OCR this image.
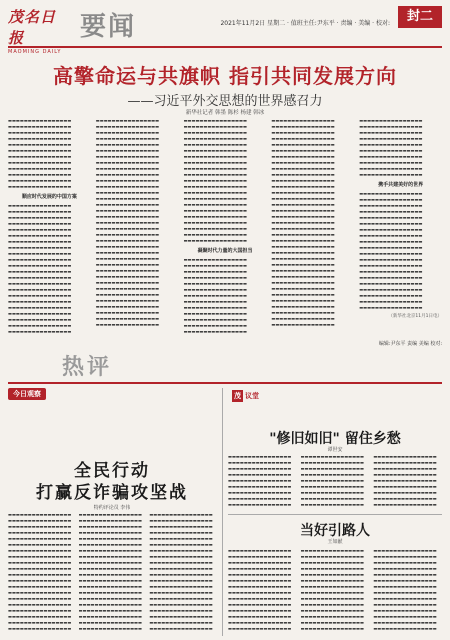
茂名日报
MAOMING DAILY
要闻	2021年11月2日 星期二 · 值班主任:尹东平 · 责编 · 美编 · 校对:	封二
高擎命运与共旗帜 指引共同发展方向
——习近平外交思想的世界感召力
新华社记者 韩墨 陈杉 杨建 韩冰
▬▬▬▬▬▬▬▬▬▬▬▬▬▬▬▬ ▬▬▬▬▬▬▬▬▬▬▬▬▬▬▬▬ ▬▬▬▬▬▬▬▬▬▬▬▬▬▬▬▬ ▬▬▬▬▬▬▬▬▬▬▬▬▬▬▬▬ ▬▬▬▬▬▬▬▬▬▬▬▬▬▬▬▬ ▬▬▬▬▬▬▬▬▬▬▬▬▬▬▬▬ ▬▬▬▬▬▬▬▬▬▬▬▬▬▬▬▬ ▬▬▬▬▬▬▬▬▬▬▬▬▬▬▬▬ ▬▬▬▬▬▬▬▬▬▬▬▬▬▬▬▬ ▬▬▬▬▬▬▬▬▬▬▬▬▬▬▬▬ ▬▬▬▬▬▬▬▬▬▬▬▬▬▬▬▬ ▬▬▬▬▬▬▬▬▬▬▬▬▬▬▬▬
顺应时代发展的中国方案
▬▬▬▬▬▬▬▬▬▬▬▬▬▬▬▬ ▬▬▬▬▬▬▬▬▬▬▬▬▬▬▬▬ ▬▬▬▬▬▬▬▬▬▬▬▬▬▬▬▬ ▬▬▬▬▬▬▬▬▬▬▬▬▬▬▬▬ ▬▬▬▬▬▬▬▬▬▬▬▬▬▬▬▬ ▬▬▬▬▬▬▬▬▬▬▬▬▬▬▬▬ ▬▬▬▬▬▬▬▬▬▬▬▬▬▬▬▬ ▬▬▬▬▬▬▬▬▬▬▬▬▬▬▬▬ ▬▬▬▬▬▬▬▬▬▬▬▬▬▬▬▬ ▬▬▬▬▬▬▬▬▬▬▬▬▬▬▬▬ ▬▬▬▬▬▬▬▬▬▬▬▬▬▬▬▬ ▬▬▬▬▬▬▬▬▬▬▬▬▬▬▬▬ ▬▬▬▬▬▬▬▬▬▬▬▬▬▬▬▬ ▬▬▬▬▬▬▬▬▬▬▬▬▬▬▬▬ ▬▬▬▬▬▬▬▬▬▬▬▬▬▬▬▬ ▬▬▬▬▬▬▬▬▬▬▬▬▬▬▬▬ ▬▬▬▬▬▬▬▬▬▬▬▬▬▬▬▬ ▬▬▬▬▬▬▬▬▬▬▬▬▬▬▬▬ ▬▬▬▬▬▬▬▬▬▬▬▬▬▬▬▬ ▬▬▬▬▬▬▬▬▬▬▬▬▬▬▬▬ ▬▬▬▬▬▬▬▬▬▬▬▬▬▬▬▬ ▬▬▬▬▬▬▬▬▬▬▬▬▬▬▬▬
▬▬▬▬▬▬▬▬▬▬▬▬▬▬▬▬ ▬▬▬▬▬▬▬▬▬▬▬▬▬▬▬▬ ▬▬▬▬▬▬▬▬▬▬▬▬▬▬▬▬ ▬▬▬▬▬▬▬▬▬▬▬▬▬▬▬▬ ▬▬▬▬▬▬▬▬▬▬▬▬▬▬▬▬ ▬▬▬▬▬▬▬▬▬▬▬▬▬▬▬▬ ▬▬▬▬▬▬▬▬▬▬▬▬▬▬▬▬ ▬▬▬▬▬▬▬▬▬▬▬▬▬▬▬▬ ▬▬▬▬▬▬▬▬▬▬▬▬▬▬▬▬ ▬▬▬▬▬▬▬▬▬▬▬▬▬▬▬▬ ▬▬▬▬▬▬▬▬▬▬▬▬▬▬▬▬ ▬▬▬▬▬▬▬▬▬▬▬▬▬▬▬▬ ▬▬▬▬▬▬▬▬▬▬▬▬▬▬▬▬ ▬▬▬▬▬▬▬▬▬▬▬▬▬▬▬▬ ▬▬▬▬▬▬▬▬▬▬▬▬▬▬▬▬ ▬▬▬▬▬▬▬▬▬▬▬▬▬▬▬▬ ▬▬▬▬▬▬▬▬▬▬▬▬▬▬▬▬ ▬▬▬▬▬▬▬▬▬▬▬▬▬▬▬▬ ▬▬▬▬▬▬▬▬▬▬▬▬▬▬▬▬ ▬▬▬▬▬▬▬▬▬▬▬▬▬▬▬▬ ▬▬▬▬▬▬▬▬▬▬▬▬▬▬▬▬ ▬▬▬▬▬▬▬▬▬▬▬▬▬▬▬▬ ▬▬▬▬▬▬▬▬▬▬▬▬▬▬▬▬ ▬▬▬▬▬▬▬▬▬▬▬▬▬▬▬▬ ▬▬▬▬▬▬▬▬▬▬▬▬▬▬▬▬ ▬▬▬▬▬▬▬▬▬▬▬▬▬▬▬▬ ▬▬▬▬▬▬▬▬▬▬▬▬▬▬▬▬ ▬▬▬▬▬▬▬▬▬▬▬▬▬▬▬▬ ▬▬▬▬▬▬▬▬▬▬▬▬▬▬▬▬ ▬▬▬▬▬▬▬▬▬▬▬▬▬▬▬▬ ▬▬▬▬▬▬▬▬▬▬▬▬▬▬▬▬ ▬▬▬▬▬▬▬▬▬▬▬▬▬▬▬▬ ▬▬▬▬▬▬▬▬▬▬▬▬▬▬▬▬ ▬▬▬▬▬▬▬▬▬▬▬▬▬▬▬▬ ▬▬▬▬▬▬▬▬▬▬▬▬▬▬▬▬
▬▬▬▬▬▬▬▬▬▬▬▬▬▬▬▬ ▬▬▬▬▬▬▬▬▬▬▬▬▬▬▬▬ ▬▬▬▬▬▬▬▬▬▬▬▬▬▬▬▬ ▬▬▬▬▬▬▬▬▬▬▬▬▬▬▬▬ ▬▬▬▬▬▬▬▬▬▬▬▬▬▬▬▬ ▬▬▬▬▬▬▬▬▬▬▬▬▬▬▬▬ ▬▬▬▬▬▬▬▬▬▬▬▬▬▬▬▬ ▬▬▬▬▬▬▬▬▬▬▬▬▬▬▬▬ ▬▬▬▬▬▬▬▬▬▬▬▬▬▬▬▬ ▬▬▬▬▬▬▬▬▬▬▬▬▬▬▬▬ ▬▬▬▬▬▬▬▬▬▬▬▬▬▬▬▬ ▬▬▬▬▬▬▬▬▬▬▬▬▬▬▬▬ ▬▬▬▬▬▬▬▬▬▬▬▬▬▬▬▬ ▬▬▬▬▬▬▬▬▬▬▬▬▬▬▬▬ ▬▬▬▬▬▬▬▬▬▬▬▬▬▬▬▬ ▬▬▬▬▬▬▬▬▬▬▬▬▬▬▬▬ ▬▬▬▬▬▬▬▬▬▬▬▬▬▬▬▬ ▬▬▬▬▬▬▬▬▬▬▬▬▬▬▬▬ ▬▬▬▬▬▬▬▬▬▬▬▬▬▬▬▬ ▬▬▬▬▬▬▬▬▬▬▬▬▬▬▬▬ ▬▬▬▬▬▬▬▬▬▬▬▬▬▬▬▬
凝聚时代力量的大国担当
▬▬▬▬▬▬▬▬▬▬▬▬▬▬▬▬ ▬▬▬▬▬▬▬▬▬▬▬▬▬▬▬▬ ▬▬▬▬▬▬▬▬▬▬▬▬▬▬▬▬ ▬▬▬▬▬▬▬▬▬▬▬▬▬▬▬▬ ▬▬▬▬▬▬▬▬▬▬▬▬▬▬▬▬ ▬▬▬▬▬▬▬▬▬▬▬▬▬▬▬▬ ▬▬▬▬▬▬▬▬▬▬▬▬▬▬▬▬ ▬▬▬▬▬▬▬▬▬▬▬▬▬▬▬▬ ▬▬▬▬▬▬▬▬▬▬▬▬▬▬▬▬ ▬▬▬▬▬▬▬▬▬▬▬▬▬▬▬▬ ▬▬▬▬▬▬▬▬▬▬▬▬▬▬▬▬ ▬▬▬▬▬▬▬▬▬▬▬▬▬▬▬▬ ▬▬▬▬▬▬▬▬▬▬▬▬▬▬▬▬
▬▬▬▬▬▬▬▬▬▬▬▬▬▬▬▬ ▬▬▬▬▬▬▬▬▬▬▬▬▬▬▬▬ ▬▬▬▬▬▬▬▬▬▬▬▬▬▬▬▬ ▬▬▬▬▬▬▬▬▬▬▬▬▬▬▬▬ ▬▬▬▬▬▬▬▬▬▬▬▬▬▬▬▬ ▬▬▬▬▬▬▬▬▬▬▬▬▬▬▬▬ ▬▬▬▬▬▬▬▬▬▬▬▬▬▬▬▬ ▬▬▬▬▬▬▬▬▬▬▬▬▬▬▬▬ ▬▬▬▬▬▬▬▬▬▬▬▬▬▬▬▬ ▬▬▬▬▬▬▬▬▬▬▬▬▬▬▬▬ ▬▬▬▬▬▬▬▬▬▬▬▬▬▬▬▬ ▬▬▬▬▬▬▬▬▬▬▬▬▬▬▬▬ ▬▬▬▬▬▬▬▬▬▬▬▬▬▬▬▬ ▬▬▬▬▬▬▬▬▬▬▬▬▬▬▬▬ ▬▬▬▬▬▬▬▬▬▬▬▬▬▬▬▬ ▬▬▬▬▬▬▬▬▬▬▬▬▬▬▬▬ ▬▬▬▬▬▬▬▬▬▬▬▬▬▬▬▬ ▬▬▬▬▬▬▬▬▬▬▬▬▬▬▬▬ ▬▬▬▬▬▬▬▬▬▬▬▬▬▬▬▬ ▬▬▬▬▬▬▬▬▬▬▬▬▬▬▬▬ ▬▬▬▬▬▬▬▬▬▬▬▬▬▬▬▬ ▬▬▬▬▬▬▬▬▬▬▬▬▬▬▬▬ ▬▬▬▬▬▬▬▬▬▬▬▬▬▬▬▬ ▬▬▬▬▬▬▬▬▬▬▬▬▬▬▬▬ ▬▬▬▬▬▬▬▬▬▬▬▬▬▬▬▬ ▬▬▬▬▬▬▬▬▬▬▬▬▬▬▬▬ ▬▬▬▬▬▬▬▬▬▬▬▬▬▬▬▬ ▬▬▬▬▬▬▬▬▬▬▬▬▬▬▬▬ ▬▬▬▬▬▬▬▬▬▬▬▬▬▬▬▬ ▬▬▬▬▬▬▬▬▬▬▬▬▬▬▬▬ ▬▬▬▬▬▬▬▬▬▬▬▬▬▬▬▬ ▬▬▬▬▬▬▬▬▬▬▬▬▬▬▬▬ ▬▬▬▬▬▬▬▬▬▬▬▬▬▬▬▬ ▬▬▬▬▬▬▬▬▬▬▬▬▬▬▬▬ ▬▬▬▬▬▬▬▬▬▬▬▬▬▬▬▬
▬▬▬▬▬▬▬▬▬▬▬▬▬▬▬▬ ▬▬▬▬▬▬▬▬▬▬▬▬▬▬▬▬ ▬▬▬▬▬▬▬▬▬▬▬▬▬▬▬▬ ▬▬▬▬▬▬▬▬▬▬▬▬▬▬▬▬ ▬▬▬▬▬▬▬▬▬▬▬▬▬▬▬▬ ▬▬▬▬▬▬▬▬▬▬▬▬▬▬▬▬ ▬▬▬▬▬▬▬▬▬▬▬▬▬▬▬▬ ▬▬▬▬▬▬▬▬▬▬▬▬▬▬▬▬ ▬▬▬▬▬▬▬▬▬▬▬▬▬▬▬▬ ▬▬▬▬▬▬▬▬▬▬▬▬▬▬▬▬
携手共建美好的世界
▬▬▬▬▬▬▬▬▬▬▬▬▬▬▬▬ ▬▬▬▬▬▬▬▬▬▬▬▬▬▬▬▬ ▬▬▬▬▬▬▬▬▬▬▬▬▬▬▬▬ ▬▬▬▬▬▬▬▬▬▬▬▬▬▬▬▬ ▬▬▬▬▬▬▬▬▬▬▬▬▬▬▬▬ ▬▬▬▬▬▬▬▬▬▬▬▬▬▬▬▬ ▬▬▬▬▬▬▬▬▬▬▬▬▬▬▬▬ ▬▬▬▬▬▬▬▬▬▬▬▬▬▬▬▬ ▬▬▬▬▬▬▬▬▬▬▬▬▬▬▬▬ ▬▬▬▬▬▬▬▬▬▬▬▬▬▬▬▬ ▬▬▬▬▬▬▬▬▬▬▬▬▬▬▬▬ ▬▬▬▬▬▬▬▬▬▬▬▬▬▬▬▬ ▬▬▬▬▬▬▬▬▬▬▬▬▬▬▬▬ ▬▬▬▬▬▬▬▬▬▬▬▬▬▬▬▬ ▬▬▬▬▬▬▬▬▬▬▬▬▬▬▬▬ ▬▬▬▬▬▬▬▬▬▬▬▬▬▬▬▬ ▬▬▬▬▬▬▬▬▬▬▬▬▬▬▬▬ ▬▬▬▬▬▬▬▬▬▬▬▬▬▬▬▬ ▬▬▬▬▬▬▬▬▬▬▬▬▬▬▬▬ ▬▬▬▬▬▬▬▬▬▬▬▬▬▬▬▬
（新华社北京11月1日电）
编辑:尹东平 责编 美编 校对:
热评
今日观察
全民行动
打赢反诈骗攻坚战
特约评论员 李伟
▬▬▬▬▬▬▬▬▬▬▬▬▬▬▬▬ ▬▬▬▬▬▬▬▬▬▬▬▬▬▬▬▬ ▬▬▬▬▬▬▬▬▬▬▬▬▬▬▬▬ ▬▬▬▬▬▬▬▬▬▬▬▬▬▬▬▬ ▬▬▬▬▬▬▬▬▬▬▬▬▬▬▬▬ ▬▬▬▬▬▬▬▬▬▬▬▬▬▬▬▬ ▬▬▬▬▬▬▬▬▬▬▬▬▬▬▬▬ ▬▬▬▬▬▬▬▬▬▬▬▬▬▬▬▬ ▬▬▬▬▬▬▬▬▬▬▬▬▬▬▬▬ ▬▬▬▬▬▬▬▬▬▬▬▬▬▬▬▬ ▬▬▬▬▬▬▬▬▬▬▬▬▬▬▬▬ ▬▬▬▬▬▬▬▬▬▬▬▬▬▬▬▬ ▬▬▬▬▬▬▬▬▬▬▬▬▬▬▬▬ ▬▬▬▬▬▬▬▬▬▬▬▬▬▬▬▬ ▬▬▬▬▬▬▬▬▬▬▬▬▬▬▬▬ ▬▬▬▬▬▬▬▬▬▬▬▬▬▬▬▬ ▬▬▬▬▬▬▬▬▬▬▬▬▬▬▬▬ ▬▬▬▬▬▬▬▬▬▬▬▬▬▬▬▬ ▬▬▬▬▬▬▬▬▬▬▬▬▬▬▬▬ ▬▬▬▬▬▬▬▬▬▬▬▬▬▬▬▬
▬▬▬▬▬▬▬▬▬▬▬▬▬▬▬▬ ▬▬▬▬▬▬▬▬▬▬▬▬▬▬▬▬ ▬▬▬▬▬▬▬▬▬▬▬▬▬▬▬▬ ▬▬▬▬▬▬▬▬▬▬▬▬▬▬▬▬ ▬▬▬▬▬▬▬▬▬▬▬▬▬▬▬▬ ▬▬▬▬▬▬▬▬▬▬▬▬▬▬▬▬ ▬▬▬▬▬▬▬▬▬▬▬▬▬▬▬▬ ▬▬▬▬▬▬▬▬▬▬▬▬▬▬▬▬ ▬▬▬▬▬▬▬▬▬▬▬▬▬▬▬▬ ▬▬▬▬▬▬▬▬▬▬▬▬▬▬▬▬ ▬▬▬▬▬▬▬▬▬▬▬▬▬▬▬▬ ▬▬▬▬▬▬▬▬▬▬▬▬▬▬▬▬ ▬▬▬▬▬▬▬▬▬▬▬▬▬▬▬▬ ▬▬▬▬▬▬▬▬▬▬▬▬▬▬▬▬ ▬▬▬▬▬▬▬▬▬▬▬▬▬▬▬▬ ▬▬▬▬▬▬▬▬▬▬▬▬▬▬▬▬ ▬▬▬▬▬▬▬▬▬▬▬▬▬▬▬▬ ▬▬▬▬▬▬▬▬▬▬▬▬▬▬▬▬ ▬▬▬▬▬▬▬▬▬▬▬▬▬▬▬▬ ▬▬▬▬▬▬▬▬▬▬▬▬▬▬▬▬
▬▬▬▬▬▬▬▬▬▬▬▬▬▬▬▬ ▬▬▬▬▬▬▬▬▬▬▬▬▬▬▬▬ ▬▬▬▬▬▬▬▬▬▬▬▬▬▬▬▬ ▬▬▬▬▬▬▬▬▬▬▬▬▬▬▬▬ ▬▬▬▬▬▬▬▬▬▬▬▬▬▬▬▬ ▬▬▬▬▬▬▬▬▬▬▬▬▬▬▬▬ ▬▬▬▬▬▬▬▬▬▬▬▬▬▬▬▬ ▬▬▬▬▬▬▬▬▬▬▬▬▬▬▬▬ ▬▬▬▬▬▬▬▬▬▬▬▬▬▬▬▬ ▬▬▬▬▬▬▬▬▬▬▬▬▬▬▬▬ ▬▬▬▬▬▬▬▬▬▬▬▬▬▬▬▬ ▬▬▬▬▬▬▬▬▬▬▬▬▬▬▬▬ ▬▬▬▬▬▬▬▬▬▬▬▬▬▬▬▬ ▬▬▬▬▬▬▬▬▬▬▬▬▬▬▬▬ ▬▬▬▬▬▬▬▬▬▬▬▬▬▬▬▬ ▬▬▬▬▬▬▬▬▬▬▬▬▬▬▬▬ ▬▬▬▬▬▬▬▬▬▬▬▬▬▬▬▬ ▬▬▬▬▬▬▬▬▬▬▬▬▬▬▬▬ ▬▬▬▬▬▬▬▬▬▬▬▬▬▬▬▬ ▬▬▬▬▬▬▬▬▬▬▬▬▬▬▬▬
茂 议堂
"修旧如旧" 留住乡愁
谭世安
▬▬▬▬▬▬▬▬▬▬▬▬▬▬▬▬ ▬▬▬▬▬▬▬▬▬▬▬▬▬▬▬▬ ▬▬▬▬▬▬▬▬▬▬▬▬▬▬▬▬ ▬▬▬▬▬▬▬▬▬▬▬▬▬▬▬▬ ▬▬▬▬▬▬▬▬▬▬▬▬▬▬▬▬ ▬▬▬▬▬▬▬▬▬▬▬▬▬▬▬▬ ▬▬▬▬▬▬▬▬▬▬▬▬▬▬▬▬ ▬▬▬▬▬▬▬▬▬▬▬▬▬▬▬▬ ▬▬▬▬▬▬▬▬▬▬▬▬▬▬▬▬
▬▬▬▬▬▬▬▬▬▬▬▬▬▬▬▬ ▬▬▬▬▬▬▬▬▬▬▬▬▬▬▬▬ ▬▬▬▬▬▬▬▬▬▬▬▬▬▬▬▬ ▬▬▬▬▬▬▬▬▬▬▬▬▬▬▬▬ ▬▬▬▬▬▬▬▬▬▬▬▬▬▬▬▬ ▬▬▬▬▬▬▬▬▬▬▬▬▬▬▬▬ ▬▬▬▬▬▬▬▬▬▬▬▬▬▬▬▬ ▬▬▬▬▬▬▬▬▬▬▬▬▬▬▬▬ ▬▬▬▬▬▬▬▬▬▬▬▬▬▬▬▬
▬▬▬▬▬▬▬▬▬▬▬▬▬▬▬▬ ▬▬▬▬▬▬▬▬▬▬▬▬▬▬▬▬ ▬▬▬▬▬▬▬▬▬▬▬▬▬▬▬▬ ▬▬▬▬▬▬▬▬▬▬▬▬▬▬▬▬ ▬▬▬▬▬▬▬▬▬▬▬▬▬▬▬▬ ▬▬▬▬▬▬▬▬▬▬▬▬▬▬▬▬ ▬▬▬▬▬▬▬▬▬▬▬▬▬▬▬▬ ▬▬▬▬▬▬▬▬▬▬▬▬▬▬▬▬ ▬▬▬▬▬▬▬▬▬▬▬▬▬▬▬▬
当好引路人
王如献
▬▬▬▬▬▬▬▬▬▬▬▬▬▬▬▬ ▬▬▬▬▬▬▬▬▬▬▬▬▬▬▬▬ ▬▬▬▬▬▬▬▬▬▬▬▬▬▬▬▬ ▬▬▬▬▬▬▬▬▬▬▬▬▬▬▬▬ ▬▬▬▬▬▬▬▬▬▬▬▬▬▬▬▬ ▬▬▬▬▬▬▬▬▬▬▬▬▬▬▬▬ ▬▬▬▬▬▬▬▬▬▬▬▬▬▬▬▬ ▬▬▬▬▬▬▬▬▬▬▬▬▬▬▬▬ ▬▬▬▬▬▬▬▬▬▬▬▬▬▬▬▬ ▬▬▬▬▬▬▬▬▬▬▬▬▬▬▬▬ ▬▬▬▬▬▬▬▬▬▬▬▬▬▬▬▬ ▬▬▬▬▬▬▬▬▬▬▬▬▬▬▬▬ ▬▬▬▬▬▬▬▬▬▬▬▬▬▬▬▬ ▬▬▬▬▬▬▬▬▬▬▬▬▬▬▬▬
▬▬▬▬▬▬▬▬▬▬▬▬▬▬▬▬ ▬▬▬▬▬▬▬▬▬▬▬▬▬▬▬▬ ▬▬▬▬▬▬▬▬▬▬▬▬▬▬▬▬ ▬▬▬▬▬▬▬▬▬▬▬▬▬▬▬▬ ▬▬▬▬▬▬▬▬▬▬▬▬▬▬▬▬ ▬▬▬▬▬▬▬▬▬▬▬▬▬▬▬▬ ▬▬▬▬▬▬▬▬▬▬▬▬▬▬▬▬ ▬▬▬▬▬▬▬▬▬▬▬▬▬▬▬▬ ▬▬▬▬▬▬▬▬▬▬▬▬▬▬▬▬ ▬▬▬▬▬▬▬▬▬▬▬▬▬▬▬▬ ▬▬▬▬▬▬▬▬▬▬▬▬▬▬▬▬ ▬▬▬▬▬▬▬▬▬▬▬▬▬▬▬▬ ▬▬▬▬▬▬▬▬▬▬▬▬▬▬▬▬ ▬▬▬▬▬▬▬▬▬▬▬▬▬▬▬▬
▬▬▬▬▬▬▬▬▬▬▬▬▬▬▬▬ ▬▬▬▬▬▬▬▬▬▬▬▬▬▬▬▬ ▬▬▬▬▬▬▬▬▬▬▬▬▬▬▬▬ ▬▬▬▬▬▬▬▬▬▬▬▬▬▬▬▬ ▬▬▬▬▬▬▬▬▬▬▬▬▬▬▬▬ ▬▬▬▬▬▬▬▬▬▬▬▬▬▬▬▬ ▬▬▬▬▬▬▬▬▬▬▬▬▬▬▬▬ ▬▬▬▬▬▬▬▬▬▬▬▬▬▬▬▬ ▬▬▬▬▬▬▬▬▬▬▬▬▬▬▬▬ ▬▬▬▬▬▬▬▬▬▬▬▬▬▬▬▬ ▬▬▬▬▬▬▬▬▬▬▬▬▬▬▬▬ ▬▬▬▬▬▬▬▬▬▬▬▬▬▬▬▬ ▬▬▬▬▬▬▬▬▬▬▬▬▬▬▬▬ ▬▬▬▬▬▬▬▬▬▬▬▬▬▬▬▬
